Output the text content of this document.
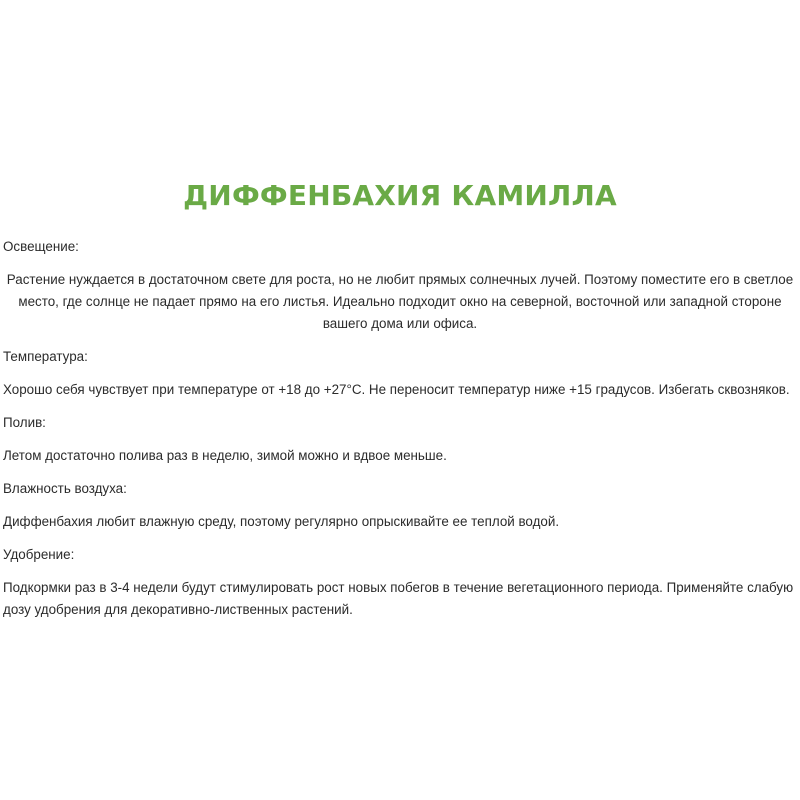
ДИФФЕНБАХИЯ КАМИЛЛА

Освещение:

Растение нуждается в достаточном свете для роста, но не любит прямых солнечных лучей. Поэтому поместите его в светлое
место, где солнце не падает прямо на его листья. Идеально подходит окно на северной, восточной или западной стороне
вашего дома или офиса.

Температура:

Хорошо себя чувствует при температуре от +18 до +27°С. Не переносит температур ниже +15 градусов. Избегать сквозняков.

Полив:

Летом достаточно полива раз в неделю, зимой можно и вдвое меньше.

Влажность воздуха:

Диффенбахия любит влажную среду, поэтому регулярно опрыскивайте ее теплой водой.

Удобрение:

Подкормки раз в 3-4 недели будут стимулировать рост новых побегов в течение вегетационного периода. Применяйте слабую
дозу удобрения для декоративно-лиственных растений.
